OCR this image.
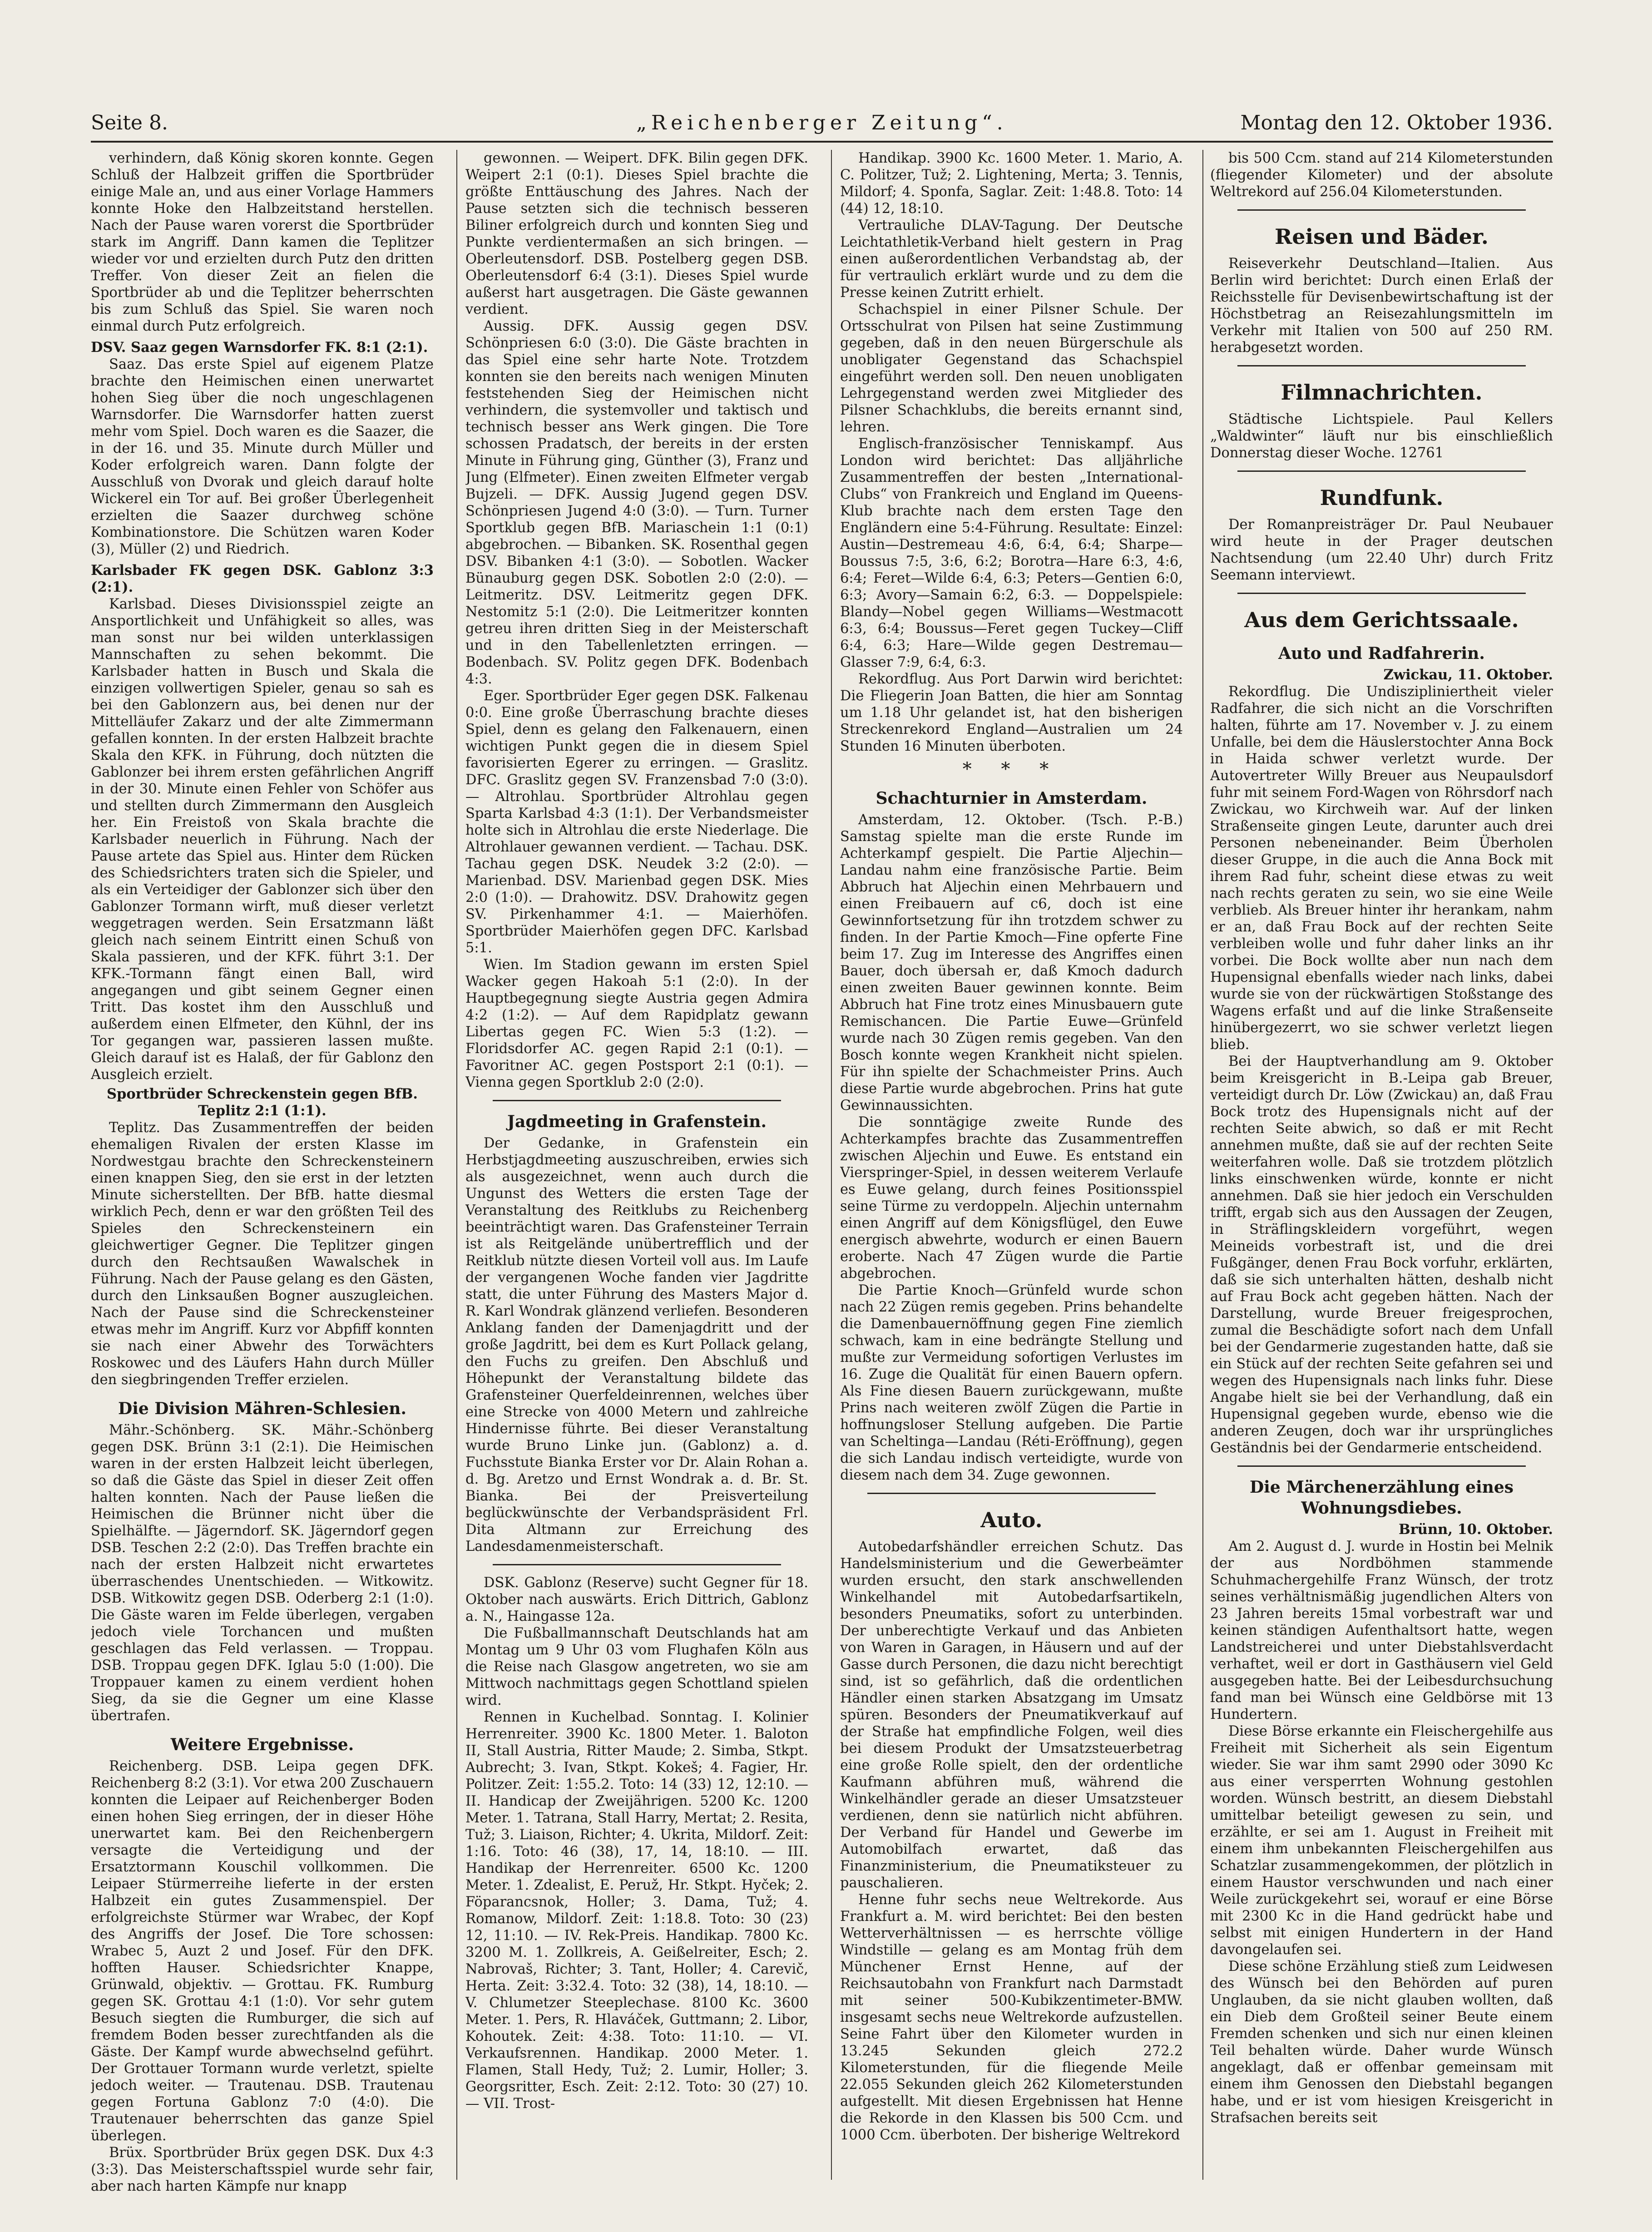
Seite 8.	„Reichenberger Zeitung“.	Montag den 12. Oktober 1936.

verhindern, daß König skoren konnte. Gegen Schluß der Halbzeit griffen die Sportbrüder einige Male an, und aus einer Vorlage Hammers konnte Hoke den Halbzeitstand herstellen. Nach der Pause waren vorerst die Sportbrüder stark im Angriff. Dann kamen die Teplitzer wieder vor und erzielten durch Putz den dritten Treffer. Von dieser Zeit an fielen die Sportbrüder ab und die Teplitzer beherrschten bis zum Schluß das Spiel. Sie waren noch einmal durch Putz erfolgreich.

DSV. Saaz gegen Warnsdorfer FK. 8:1 (2:1).

Saaz. Das erste Spiel auf eigenem Platze brachte den Heimischen einen unerwartet hohen Sieg über die noch ungeschlagenen Warnsdorfer. Die Warnsdorfer hatten zuerst mehr vom Spiel. Doch waren es die Saazer, die in der 16. und 35. Minute durch Müller und Koder erfolgreich waren. Dann folgte der Ausschluß von Dvorak und gleich darauf holte Wickerel ein Tor auf. Bei großer Überlegenheit erzielten die Saazer durchweg schöne Kombinationstore. Die Schützen waren Koder (3), Müller (2) und Riedrich.

Karlsbader FK gegen DSK. Gablonz 3:3 (2:1).

Karlsbad. Dieses Divisionsspiel zeigte an Ansportlichkeit und Unfähigkeit so alles, was man sonst nur bei wilden unterklassigen Mannschaften zu sehen bekommt. Die Karlsbader hatten in Busch und Skala die einzigen vollwertigen Spieler, genau so sah es bei den Gablonzern aus, bei denen nur der Mittelläufer Zakarz und der alte Zimmermann gefallen konnten. In der ersten Halbzeit brachte Skala den KFK. in Führung, doch nützten die Gablonzer bei ihrem ersten gefährlichen Angriff in der 30. Minute einen Fehler von Schöfer aus und stellten durch Zimmermann den Ausgleich her. Ein Freistoß von Skala brachte die Karlsbader neuerlich in Führung. Nach der Pause artete das Spiel aus. Hinter dem Rücken des Schiedsrichters traten sich die Spieler, und als ein Verteidiger der Gablonzer sich über den Gablonzer Tormann wirft, muß dieser verletzt weggetragen werden. Sein Ersatzmann läßt gleich nach seinem Eintritt einen Schuß von Skala passieren, und der KFK. führt 3:1. Der KFK.-Tormann fängt einen Ball, wird angegangen und gibt seinem Gegner einen Tritt. Das kostet ihm den Ausschluß und außerdem einen Elfmeter, den Kühnl, der ins Tor gegangen war, passieren lassen mußte. Gleich darauf ist es Halaß, der für Gablonz den Ausgleich erzielt.

Sportbrüder Schreckenstein gegen BfB. Teplitz 2:1 (1:1).

Teplitz. Das Zusammentreffen der beiden ehemaligen Rivalen der ersten Klasse im Nordwestgau brachte den Schreckensteinern einen knappen Sieg, den sie erst in der letzten Minute sicherstellten. Der BfB. hatte diesmal wirklich Pech, denn er war den größten Teil des Spieles den Schreckensteinern ein gleichwertiger Gegner. Die Teplitzer gingen durch den Rechtsaußen Wawalschek in Führung. Nach der Pause gelang es den Gästen, durch den Linksaußen Bogner auszugleichen. Nach der Pause sind die Schreckensteiner etwas mehr im Angriff. Kurz vor Abpfiff konnten sie nach einer Abwehr des Torwächters Roskowec und des Läufers Hahn durch Müller den siegbringenden Treffer erzielen.

Die Division Mähren-Schlesien.

Mähr.-Schönberg. SK. Mähr.-Schönberg gegen DSK. Brünn 3:1 (2:1). Die Heimischen waren in der ersten Halbzeit leicht überlegen, so daß die Gäste das Spiel in dieser Zeit offen halten konnten. Nach der Pause ließen die Heimischen die Brünner nicht über die Spielhälfte. — Jägerndorf. SK. Jägerndorf gegen DSB. Teschen 2:2 (2:0). Das Treffen brachte ein nach der ersten Halbzeit nicht erwartetes überraschendes Unentschieden. — Witkowitz. DSB. Witkowitz gegen DSB. Oderberg 2:1 (1:0). Die Gäste waren im Felde überlegen, vergaben jedoch viele Torchancen und mußten geschlagen das Feld verlassen. — Troppau. DSB. Troppau gegen DFK. Iglau 5:0 (1:00). Die Troppauer kamen zu einem verdient hohen Sieg, da sie die Gegner um eine Klasse übertrafen.

Weitere Ergebnisse.

Reichenberg. DSB. Leipa gegen DFK. Reichenberg 8:2 (3:1). Vor etwa 200 Zuschauern konnten die Leipaer auf Reichenberger Boden einen hohen Sieg erringen, der in dieser Höhe unerwartet kam. Bei den Reichenbergern versagte die Verteidigung und der Ersatztormann Kouschil vollkommen. Die Leipaer Stürmerreihe lieferte in der ersten Halbzeit ein gutes Zusammenspiel. Der erfolgreichste Stürmer war Wrabec, der Kopf des Angriffs der Josef. Die Tore schossen: Wrabec 5, Auzt 2 und Josef. Für den DFK. hofften Hauser. Schiedsrichter Knappe, Grünwald, objektiv. — Grottau. FK. Rumburg gegen SK. Grottau 4:1 (1:0). Vor sehr gutem Besuch siegten die Rumburger, die sich auf fremdem Boden besser zurechtfanden als die Gäste. Der Kampf wurde abwechselnd geführt. Der Grottauer Tormann wurde verletzt, spielte jedoch weiter. — Trautenau. DSB. Trautenau gegen Fortuna Gablonz 7:0 (4:0). Die Trautenauer beherrschten das ganze Spiel überlegen.

Brüx. Sportbrüder Brüx gegen DSK. Dux 4:3 (3:3). Das Meisterschaftsspiel wurde sehr fair, aber nach harten Kämpfe nur knapp

gewonnen. — Weipert. DFK. Bilin gegen DFK. Weipert 2:1 (0:1). Dieses Spiel brachte die größte Enttäuschung des Jahres. Nach der Pause setzten sich die technisch besseren Biliner erfolgreich durch und konnten Sieg und Punkte verdientermaßen an sich bringen. — Oberleutensdorf. DSB. Postelberg gegen DSB. Oberleutensdorf 6:4 (3:1). Dieses Spiel wurde außerst hart ausgetragen. Die Gäste gewannen verdient.

Aussig. DFK. Aussig gegen DSV. Schönpriesen 6:0 (3:0). Die Gäste brachten in das Spiel eine sehr harte Note. Trotzdem konnten sie den bereits nach wenigen Minuten feststehenden Sieg der Heimischen nicht verhindern, die systemvoller und taktisch und technisch besser ans Werk gingen. Die Tore schossen Pradatsch, der bereits in der ersten Minute in Führung ging, Günther (3), Franz und Jung (Elfmeter). Einen zweiten Elfmeter vergab Bujzeli. — DFK. Aussig Jugend gegen DSV. Schönpriesen Jugend 4:0 (3:0). — Turn. Turner Sportklub gegen BfB. Mariaschein 1:1 (0:1) abgebrochen. — Bibanken. SK. Rosenthal gegen DSV. Bibanken 4:1 (3:0). — Sobotlen. Wacker Bünauburg gegen DSK. Sobotlen 2:0 (2:0). — Leitmeritz. DSV. Leitmeritz gegen DFK. Nestomitz 5:1 (2:0). Die Leitmeritzer konnten getreu ihren dritten Sieg in der Meisterschaft und in den Tabellenletzten erringen. — Bodenbach. SV. Politz gegen DFK. Bodenbach 4:3.

Eger. Sportbrüder Eger gegen DSK. Falkenau 0:0. Eine große Überraschung brachte dieses Spiel, denn es gelang den Falkenauern, einen wichtigen Punkt gegen die in diesem Spiel favorisierten Egerer zu erringen. — Graslitz. DFC. Graslitz gegen SV. Franzensbad 7:0 (3:0). — Altrohlau. Sportbrüder Altrohlau gegen Sparta Karlsbad 4:3 (1:1). Der Verbandsmeister holte sich in Altrohlau die erste Niederlage. Die Altrohlauer gewannen verdient. — Tachau. DSK. Tachau gegen DSK. Neudek 3:2 (2:0). — Marienbad. DSV. Marienbad gegen DSK. Mies 2:0 (1:0). — Drahowitz. DSV. Drahowitz gegen SV. Pirkenhammer 4:1. — Maierhöfen. Sportbrüder Maierhöfen gegen DFC. Karlsbad 5:1.

Wien. Im Stadion gewann im ersten Spiel Wacker gegen Hakoah 5:1 (2:0). In der Hauptbegegnung siegte Austria gegen Admira 4:2 (1:2). — Auf dem Rapidplatz gewann Libertas gegen FC. Wien 5:3 (1:2). — Floridsdorfer AC. gegen Rapid 2:1 (0:1). — Favoritner AC. gegen Postsport 2:1 (0:1). — Vienna gegen Sportklub 2:0 (2:0).

Jagdmeeting in Grafenstein.

Der Gedanke, in Grafenstein ein Herbstjagdmeeting auszuschreiben, erwies sich als ausgezeichnet, wenn auch durch die Ungunst des Wetters die ersten Tage der Veranstaltung des Reitklubs zu Reichenberg beeinträchtigt waren. Das Grafensteiner Terrain ist als Reitgelände unübertrefflich und der Reitklub nützte diesen Vorteil voll aus. Im Laufe der vergangenen Woche fanden vier Jagdritte statt, die unter Führung des Masters Major d. R. Karl Wondrak glänzend verliefen. Besonderen Anklang fanden der Damenjagdritt und der große Jagdritt, bei dem es Kurt Pollack gelang, den Fuchs zu greifen. Den Abschluß und Höhepunkt der Veranstaltung bildete das Grafensteiner Querfeldeinrennen, welches über eine Strecke von 4000 Metern und zahlreiche Hindernisse führte. Bei dieser Veranstaltung wurde Bruno Linke jun. (Gablonz) a. d. Fuchsstute Bianka Erster vor Dr. Alain Rohan a. d. Bg. Aretzo und Ernst Wondrak a. d. Br. St. Bianka. Bei der Preisverteilung beglückwünschte der Verbandspräsident Frl. Dita Altmann zur Erreichung des Landesdamenmeisterschaft.

DSK. Gablonz (Reserve) sucht Gegner für 18. Oktober nach auswärts. Erich Dittrich, Gablonz a. N., Haingasse 12a.

Die Fußballmannschaft Deutschlands hat am Montag um 9 Uhr 03 vom Flughafen Köln aus die Reise nach Glasgow angetreten, wo sie am Mittwoch nachmittags gegen Schottland spielen wird.

Rennen in Kuchelbad. Sonntag. I. Kolinier Herrenreiter. 3900 Kc. 1800 Meter. 1. Baloton II, Stall Austria, Ritter Maude; 2. Simba, Stkpt. Aubrecht; 3. Ivan, Stkpt. Kokeš; 4. Fagier, Hr. Politzer. Zeit: 1:55.2. Toto: 14 (33) 12, 12:10. — II. Handicap der Zweijährigen. 5200 Kc. 1200 Meter. 1. Tatrana, Stall Harry, Mertat; 2. Resita, Tuž; 3. Liaison, Richter; 4. Ukrita, Mildorf. Zeit: 1:16. Toto: 46 (38), 17, 14, 18:10. — III. Handikap der Herrenreiter. 6500 Kc. 1200 Meter. 1. Zdealist, E. Peruž, Hr. Stkpt. Hyček; 2. Föparancsnok, Holler; 3. Dama, Tuž; 4. Romanow, Mildorf. Zeit: 1:18.8. Toto: 30 (23) 12, 11:10. — IV. Rek-Preis. Handikap. 7800 Kc. 3200 M. 1. Zollkreis, A. Geißelreiter, Esch; 2. Nabrovaš, Richter; 3. Tant, Holler; 4. Carevič, Herta. Zeit: 3:32.4. Toto: 32 (38), 14, 18:10. — V. Chlumetzer Steeplechase. 8100 Kc. 3600 Meter. 1. Pers, R. Hlaváček, Guttmann; 2. Libor, Kohoutek. Zeit: 4:38. Toto: 11:10. — VI. Verkaufsrennen. Handikap. 2000 Meter. 1. Flamen, Stall Hedy, Tuž; 2. Lumir, Holler; 3. Georgsritter, Esch. Zeit: 2:12. Toto: 30 (27) 10. — VII. Trost-

Handikap. 3900 Kc. 1600 Meter. 1. Mario, A. C. Politzer, Tuž; 2. Lightening, Merta; 3. Tennis, Mildorf; 4. Sponfa, Saglar. Zeit: 1:48.8. Toto: 14 (44) 12, 18:10.

Vertrauliche DLAV-Tagung. Der Deutsche Leichtathletik-Verband hielt gestern in Prag einen außerordentlichen Verbandstag ab, der für vertraulich erklärt wurde und zu dem die Presse keinen Zutritt erhielt.

Schachspiel in einer Pilsner Schule. Der Ortsschulrat von Pilsen hat seine Zustimmung gegeben, daß in den neuen Bürgerschule als unobligater Gegenstand das Schachspiel eingeführt werden soll. Den neuen unobligaten Lehrgegenstand werden zwei Mitglieder des Pilsner Schachklubs, die bereits ernannt sind, lehren.

Englisch-französischer Tenniskampf. Aus London wird berichtet: Das alljährliche Zusammentreffen der besten „International-Clubs“ von Frankreich und England im Queens-Klub brachte nach dem ersten Tage den Engländern eine 5:4-Führung. Resultate: Einzel: Austin—Destremeau 4:6, 6:4, 6:4; Sharpe—Boussus 7:5, 3:6, 6:2; Borotra—Hare 6:3, 4:6, 6:4; Feret—Wilde 6:4, 6:3; Peters—Gentien 6:0, 6:3; Avory—Samain 6:2, 6:3. — Doppelspiele: Blandy—Nobel gegen Williams—Westmacott 6:3, 6:4; Boussus—Feret gegen Tuckey—Cliff 6:4, 6:3; Hare—Wilde gegen Destremau—Glasser 7:9, 6:4, 6:3.

Rekordflug. Aus Port Darwin wird berichtet: Die Fliegerin Joan Batten, die hier am Sonntag um 1.18 Uhr gelandet ist, hat den bisherigen Streckenrekord England—Australien um 24 Stunden 16 Minuten überboten.

* * *
Schachturnier in Amsterdam.

Amsterdam, 12. Oktober. (Tsch. P.-B.) Samstag spielte man die erste Runde im Achterkampf gespielt. Die Partie Aljechin—Landau nahm eine französische Partie. Beim Abbruch hat Aljechin einen Mehrbauern und einen Freibauern auf c6, doch ist eine Gewinnfortsetzung für ihn trotzdem schwer zu finden. In der Partie Kmoch—Fine opferte Fine beim 17. Zug im Interesse des Angriffes einen Bauer, doch übersah er, daß Kmoch dadurch einen zweiten Bauer gewinnen konnte. Beim Abbruch hat Fine trotz eines Minusbauern gute Remischancen. Die Partie Euwe—Grünfeld wurde nach 30 Zügen remis gegeben. Van den Bosch konnte wegen Krankheit nicht spielen. Für ihn spielte der Schachmeister Prins. Auch diese Partie wurde abgebrochen. Prins hat gute Gewinnaussichten.

Die sonntägige zweite Runde des Achterkampfes brachte das Zusammentreffen zwischen Aljechin und Euwe. Es entstand ein Vierspringer-Spiel, in dessen weiterem Verlaufe es Euwe gelang, durch feines Positionsspiel seine Türme zu verdoppeln. Aljechin unternahm einen Angriff auf dem Königsflügel, den Euwe energisch abwehrte, wodurch er einen Bauern eroberte. Nach 47 Zügen wurde die Partie abgebrochen.

Die Partie Knoch—Grünfeld wurde schon nach 22 Zügen remis gegeben. Prins behandelte die Damenbauernöffnung gegen Fine ziemlich schwach, kam in eine bedrängte Stellung und mußte zur Vermeidung sofortigen Verlustes im 16. Zuge die Qualität für einen Bauern opfern. Als Fine diesen Bauern zurückgewann, mußte Prins nach weiteren zwölf Zügen die Partie in hoffnungsloser Stellung aufgeben. Die Partie van Scheltinga—Landau (Réti-Eröffnung), gegen die sich Landau indisch verteidigte, wurde von diesem nach dem 34. Zuge gewonnen.

Auto.

Autobedarfshändler erreichen Schutz. Das Handelsministerium und die Gewerbeämter wurden ersucht, den stark anschwellenden Winkelhandel mit Autobedarfsartikeln, besonders Pneumatiks, sofort zu unterbinden. Der unberechtigte Verkauf und das Anbieten von Waren in Garagen, in Häusern und auf der Gasse durch Personen, die dazu nicht berechtigt sind, ist so gefährlich, daß die ordentlichen Händler einen starken Absatzgang im Umsatz spüren. Besonders der Pneumatikverkauf auf der Straße hat empfindliche Folgen, weil dies bei diesem Produkt der Umsatzsteuerbetrag eine große Rolle spielt, den der ordentliche Kaufmann abführen muß, während die Winkelhändler gerade an dieser Umsatzsteuer verdienen, denn sie natürlich nicht abführen. Der Verband für Handel und Gewerbe im Automobilfach erwartet, daß das Finanzministerium, die Pneumatiksteuer zu pauschalieren.

Henne fuhr sechs neue Weltrekorde. Aus Frankfurt a. M. wird berichtet: Bei den besten Wetterverhältnissen — es herrschte völlige Windstille — gelang es am Montag früh dem Münchener Ernst Henne, auf der Reichsautobahn von Frankfurt nach Darmstadt mit seiner 500-Kubikzentimeter-BMW. insgesamt sechs neue Weltrekorde aufzustellen. Seine Fahrt über den Kilometer wurden in 13.245 Sekunden gleich 272.2 Kilometerstunden, für die fliegende Meile 22.055 Sekunden gleich 262 Kilometerstunden aufgestellt. Mit diesen Ergebnissen hat Henne die Rekorde in den Klassen bis 500 Ccm. und 1000 Ccm. überboten. Der bisherige Weltrekord

bis 500 Ccm. stand auf 214 Kilometerstunden (fliegender Kilometer) und der absolute Weltrekord auf 256.04 Kilometerstunden.

Reisen und Bäder.

Reiseverkehr Deutschland—Italien. Aus Berlin wird berichtet: Durch einen Erlaß der Reichsstelle für Devisenbewirtschaftung ist der Höchstbetrag an Reisezahlungsmitteln im Verkehr mit Italien von 500 auf 250 RM. herabgesetzt worden.

Filmnachrichten.

Städtische Lichtspiele. Paul Kellers „Waldwinter“ läuft nur bis einschließlich Donnerstag dieser Woche. 12761

Rundfunk.

Der Romanpreisträger Dr. Paul Neubauer wird heute in der Prager deutschen Nachtsendung (um 22.40 Uhr) durch Fritz Seemann interviewt.

Aus dem Gerichtssaale.
Auto und Radfahrerin.

Zwickau, 11. Oktober.

Rekordflug. Die Undiszipliniertheit vieler Radfahrer, die sich nicht an die Vorschriften halten, führte am 17. November v. J. zu einem Unfalle, bei dem die Häuslerstochter Anna Bock in Haida schwer verletzt wurde. Der Autovertreter Willy Breuer aus Neupaulsdorf fuhr mit seinem Ford-Wagen von Röhrsdorf nach Zwickau, wo Kirchweih war. Auf der linken Straßenseite gingen Leute, darunter auch drei Personen nebeneinander. Beim Überholen dieser Gruppe, in die auch die Anna Bock mit ihrem Rad fuhr, scheint diese etwas zu weit nach rechts geraten zu sein, wo sie eine Weile verblieb. Als Breuer hinter ihr herankam, nahm er an, daß Frau Bock auf der rechten Seite verbleiben wolle und fuhr daher links an ihr vorbei. Die Bock wollte aber nun nach dem Hupensignal ebenfalls wieder nach links, dabei wurde sie von der rückwärtigen Stoßstange des Wagens erfaßt und auf die linke Straßenseite hinübergezerrt, wo sie schwer verletzt liegen blieb.

Bei der Hauptverhandlung am 9. Oktober beim Kreisgericht in B.-Leipa gab Breuer, verteidigt durch Dr. Löw (Zwickau) an, daß Frau Bock trotz des Hupensignals nicht auf der rechten Seite abwich, so daß er mit Recht annehmen mußte, daß sie auf der rechten Seite weiterfahren wolle. Daß sie trotzdem plötzlich links einschwenken würde, konnte er nicht annehmen. Daß sie hier jedoch ein Verschulden trifft, ergab sich aus den Aussagen der Zeugen, in Sträflingskleidern vorgeführt, wegen Meineids vorbestraft ist, und die drei Fußgänger, denen Frau Bock vorfuhr, erklärten, daß sie sich unterhalten hätten, deshalb nicht auf Frau Bock acht gegeben hätten. Nach der Darstellung, wurde Breuer freigesprochen, zumal die Beschädigte sofort nach dem Unfall bei der Gendarmerie zugestanden hatte, daß sie ein Stück auf der rechten Seite gefahren sei und wegen des Hupensignals nach links fuhr. Diese Angabe hielt sie bei der Verhandlung, daß ein Hupensignal gegeben wurde, ebenso wie die anderen Zeugen, doch war ihr ursprüngliches Geständnis bei der Gendarmerie entscheidend.

Die Märchenerzählung eines Wohnungsdiebes.

Brünn, 10. Oktober.

Am 2. August d. J. wurde in Hostin bei Melnik der aus Nordböhmen stammende Schuhmachergehilfe Franz Wünsch, der trotz seines verhältnismäßig jugendlichen Alters von 23 Jahren bereits 15mal vorbestraft war und keinen ständigen Aufenthaltsort hatte, wegen Landstreicherei und unter Diebstahlsverdacht verhaftet, weil er dort in Gasthäusern viel Geld ausgegeben hatte. Bei der Leibesdurchsuchung fand man bei Wünsch eine Geldbörse mit 13 Hundertern.

Diese Börse erkannte ein Fleischergehilfe aus Freiheit mit Sicherheit als sein Eigentum wieder. Sie war ihm samt 2990 oder 3090 Kc aus einer versperrten Wohnung gestohlen worden. Wünsch bestritt, an diesem Diebstahl umittelbar beteiligt gewesen zu sein, und erzählte, er sei am 1. August in Freiheit mit einem ihm unbekannten Fleischergehilfen aus Schatzlar zusammengekommen, der plötzlich in einem Haustor verschwunden und nach einer Weile zurückgekehrt sei, worauf er eine Börse mit 2300 Kc in die Hand gedrückt habe und selbst mit einigen Hundertern in der Hand davongelaufen sei.

Diese schöne Erzählung stieß zum Leidwesen des Wünsch bei den Behörden auf puren Unglauben, da sie nicht glauben wollten, daß ein Dieb dem Großteil seiner Beute einem Fremden schenken und sich nur einen kleinen Teil behalten würde. Daher wurde Wünsch angeklagt, daß er offenbar gemeinsam mit einem ihm Genossen den Diebstahl begangen habe, und er ist vom hiesigen Kreisgericht in Strafsachen bereits seit
